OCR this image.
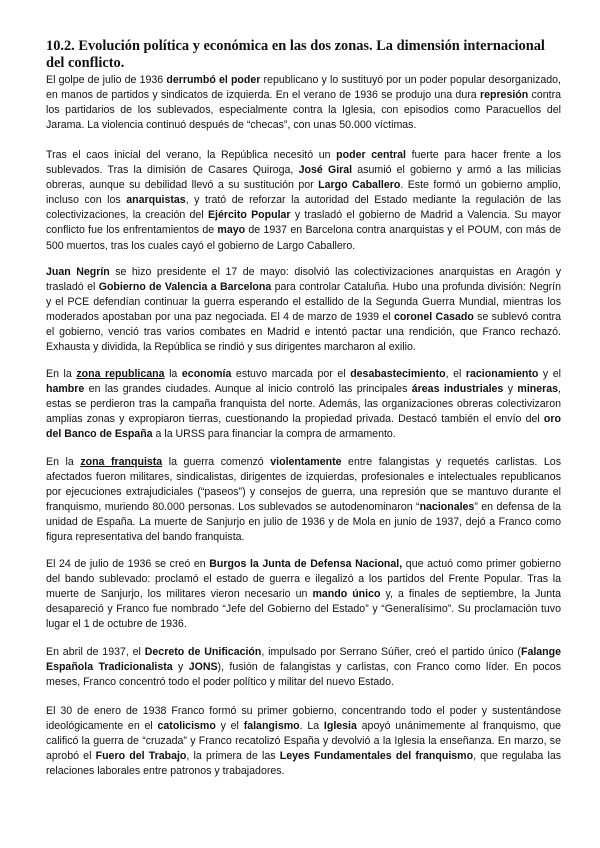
10.2. Evolución política y económica en las dos zonas. La dimensión internacional del conflicto.

El golpe de julio de 1936 derrumbó el poder republicano y lo sustituyó por un poder popular desorganizado, en manos de partidos y sindicatos de izquierda. En el verano de 1936 se produjo una dura represión contra los partidarios de los sublevados, especialmente contra la Iglesia, con episodios como Paracuellos del Jarama. La violencia continuó después de “checas”, con unas 50.000 víctimas.

Tras el caos inicial del verano, la República necesitó un poder central fuerte para hacer frente a los sublevados. Tras la dimisión de Casares Quiroga, José Giral asumió el gobierno y armó a las milicias obreras, aunque su debilidad llevó a su sustitución por Largo Caballero. Este formó un gobierno amplio, incluso con los anarquistas, y trató de reforzar la autoridad del Estado mediante la regulación de las colectivizaciones, la creación del Ejército Popular y trasladó el gobierno de Madrid a Valencia. Su mayor conflicto fue los enfrentamientos de mayo de 1937 en Barcelona contra anarquistas y el POUM, con más de 500 muertos, tras los cuales cayó el gobierno de Largo Caballero.

Juan Negrín se hizo presidente el 17 de mayo: disolvió las colectivizaciones anarquistas en Aragón y trasladó el Gobierno de Valencia a Barcelona para controlar Cataluña. Hubo una profunda división: Negrín y el PCE defendían continuar la guerra esperando el estallido de la Segunda Guerra Mundial, mientras los moderados apostaban por una paz negociada. El 4 de marzo de 1939 el coronel Casado se sublevó contra el gobierno, venció tras varios combates en Madrid e intentó pactar una rendición, que Franco rechazó. Exhausta y dividida, la República se rindió y sus dirigentes marcharon al exilio.

En la zona republicana la economía estuvo marcada por el desabastecimiento, el racionamiento y el hambre en las grandes ciudades. Aunque al inicio controló las principales áreas industriales y mineras, estas se perdieron tras la campaña franquista del norte. Además, las organizaciones obreras colectivizaron amplias zonas y expropiaron tierras, cuestionando la propiedad privada. Destacó también el envío del oro del Banco de España a la URSS para financiar la compra de armamento.

En la zona franquista la guerra comenzó violentamente entre falangistas y requetés carlistas. Los afectados fueron militares, sindicalistas, dirigentes de izquierdas, profesionales e intelectuales republicanos por ejecuciones extrajudiciales (“paseos”) y consejos de guerra, una represión que se mantuvo durante el franquismo, muriendo 80.000 personas. Los sublevados se autodenominaron “nacionales” en defensa de la unidad de España. La muerte de Sanjurjo en julio de 1936 y de Mola en junio de 1937, dejó a Franco como figura representativa del bando franquista.

El 24 de julio de 1936 se creó en Burgos la Junta de Defensa Nacional, que actuó como primer gobierno del bando sublevado: proclamó el estado de guerra e ilegalizó a los partidos del Frente Popular. Tras la muerte de Sanjurjo, los militares vieron necesario un mando único y, a finales de septiembre, la Junta desapareció y Franco fue nombrado “Jefe del Gobierno del Estado” y “Generalísimo”. Su proclamación tuvo lugar el 1 de octubre de 1936.

En abril de 1937, el Decreto de Unificación, impulsado por Serrano Súñer, creó el partido único (Falange Española Tradicionalista y JONS), fusión de falangistas y carlistas, con Franco como líder. En pocos meses, Franco concentró todo el poder político y militar del nuevo Estado.

El 30 de enero de 1938 Franco formó su primer gobierno, concentrando todo el poder y sustentándose ideológicamente en el catolicismo y el falangismo. La Iglesia apoyó unánimemente al franquismo, que calificó la guerra de “cruzada” y Franco recatolizó España y devolvió a la Iglesia la enseñanza. En marzo, se aprobó el Fuero del Trabajo, la primera de las Leyes Fundamentales del franquismo, que regulaba las relaciones laborales entre patronos y trabajadores.
